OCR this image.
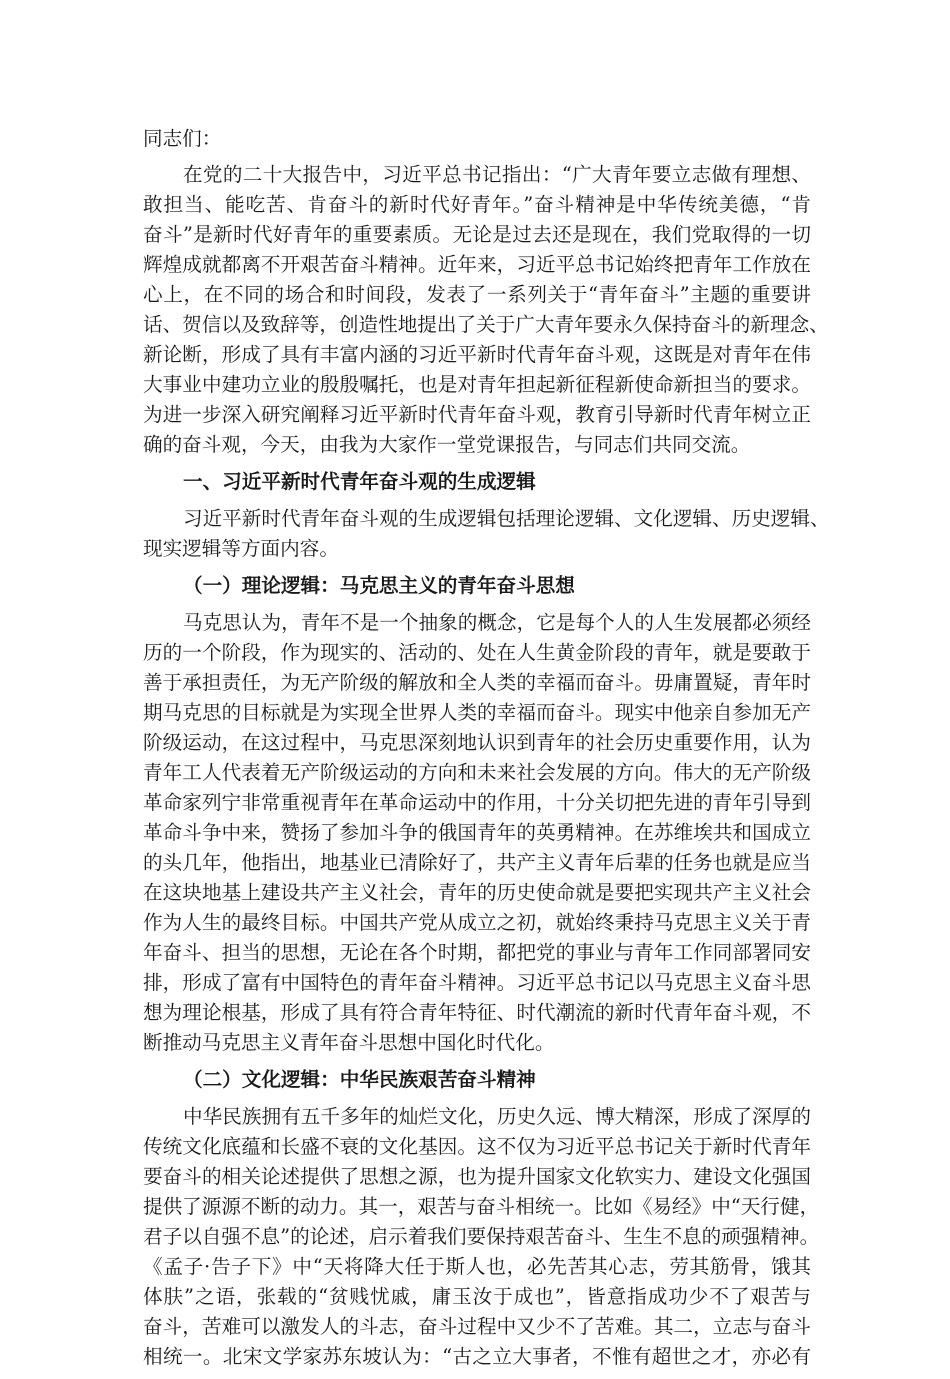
同志们：
在党的二十大报告中，习近平总书记指出：“广大青年要立志做有理想、
敢担当、能吃苦、肯奋斗的新时代好青年。”奋斗精神是中华传统美德，“肯
奋斗”是新时代好青年的重要素质。无论是过去还是现在，我们党取得的一切
辉煌成就都离不开艰苦奋斗精神。近年来，习近平总书记始终把青年工作放在
心上，在不同的场合和时间段，发表了一系列关于“青年奋斗”主题的重要讲
话、贺信以及致辞等，创造性地提出了关于广大青年要永久保持奋斗的新理念、
新论断，形成了具有丰富内涵的习近平新时代青年奋斗观，这既是对青年在伟
大事业中建功立业的殷殷嘱托，也是对青年担起新征程新使命新担当的要求。
为进一步深入研究阐释习近平新时代青年奋斗观，教育引导新时代青年树立正
确的奋斗观，今天，由我为大家作一堂党课报告，与同志们共同交流。
一、习近平新时代青年奋斗观的生成逻辑
习近平新时代青年奋斗观的生成逻辑包括理论逻辑、文化逻辑、历史逻辑、
现实逻辑等方面内容。
（一）理论逻辑：马克思主义的青年奋斗思想
马克思认为，青年不是一个抽象的概念，它是每个人的人生发展都必须经
历的一个阶段，作为现实的、活动的、处在人生黄金阶段的青年，就是要敢于
善于承担责任，为无产阶级的解放和全人类的幸福而奋斗。毋庸置疑，青年时
期马克思的目标就是为实现全世界人类的幸福而奋斗。现实中他亲自参加无产
阶级运动，在这过程中，马克思深刻地认识到青年的社会历史重要作用，认为
青年工人代表着无产阶级运动的方向和未来社会发展的方向。伟大的无产阶级
革命家列宁非常重视青年在革命运动中的作用，十分关切把先进的青年引导到
革命斗争中来，赞扬了参加斗争的俄国青年的英勇精神。在苏维埃共和国成立
的头几年，他指出，地基业已清除好了，共产主义青年后辈的任务也就是应当
在这块地基上建设共产主义社会，青年的历史使命就是要把实现共产主义社会
作为人生的最终目标。中国共产党从成立之初，就始终秉持马克思主义关于青
年奋斗、担当的思想，无论在各个时期，都把党的事业与青年工作同部署同安
排，形成了富有中国特色的青年奋斗精神。习近平总书记以马克思主义奋斗思
想为理论根基，形成了具有符合青年特征、时代潮流的新时代青年奋斗观，不
断推动马克思主义青年奋斗思想中国化时代化。
（二）文化逻辑：中华民族艰苦奋斗精神
中华民族拥有五千多年的灿烂文化，历史久远、博大精深，形成了深厚的
传统文化底蕴和长盛不衰的文化基因。这不仅为习近平总书记关于新时代青年
要奋斗的相关论述提供了思想之源，也为提升国家文化软实力、建设文化强国
提供了源源不断的动力。其一，艰苦与奋斗相统一。比如《易经》中“天行健，
君子以自强不息”的论述，启示着我们要保持艰苦奋斗、生生不息的顽强精神。
《孟子·告子下》中“天将降大任于斯人也，必先苦其心志，劳其筋骨，饿其
体肤”之语，张载的“贫贱忧戚，庸玉汝于成也”，皆意指成功少不了艰苦与
奋斗，苦难可以激发人的斗志，奋斗过程中又少不了苦难。其二，立志与奋斗
相统一。北宋文学家苏东坡认为：“古之立大事者，不惟有超世之才，亦必有
